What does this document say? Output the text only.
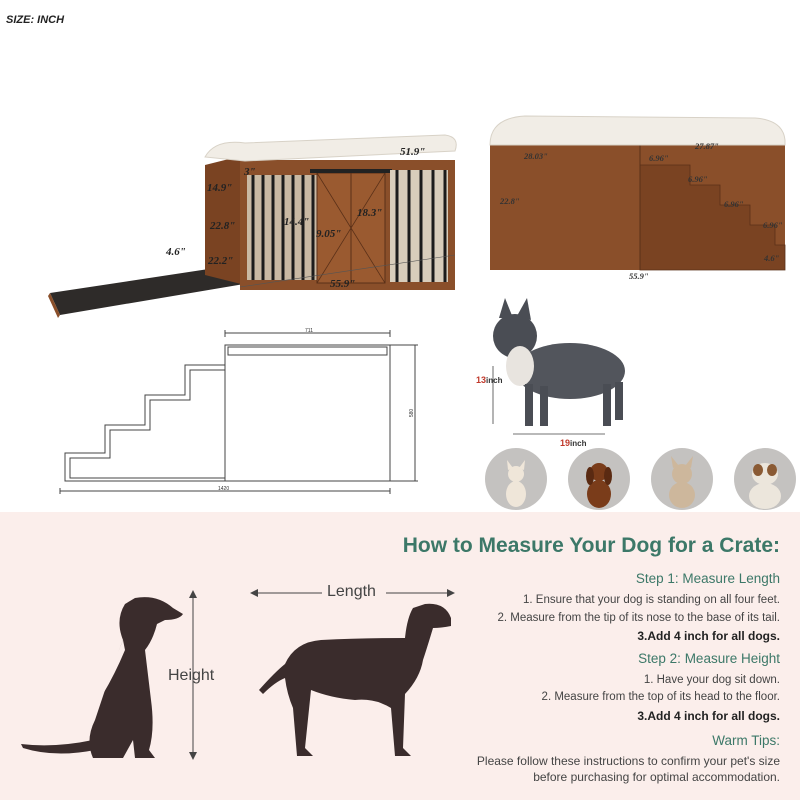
SIZE: INCH
51.9"
3"
14.9"
22.8"	14.4"
9.05"
18.3"
4.6"
22.2"
55.9"
28.03"
27.87"
22.8"
6.96"
6.96"
6.96"
6.96"
4.6"
55.9"
711
580
1420
13inch
19inch
How to Measure Your Dog for a Crate:
Height
Length
Step 1: Measure Length
1. Ensure that your dog is standing on all four feet.
2. Measure from the tip of its nose to the base of its tail.
3.Add 4 inch for all dogs.
Step 2: Measure Height
1. Have your dog sit down.
2. Measure from the top of its head to the floor.
3.Add 4 inch for all dogs.
Warm Tips:
Please follow these instructions to confirm your pet's size before purchasing for optimal accommodation.
